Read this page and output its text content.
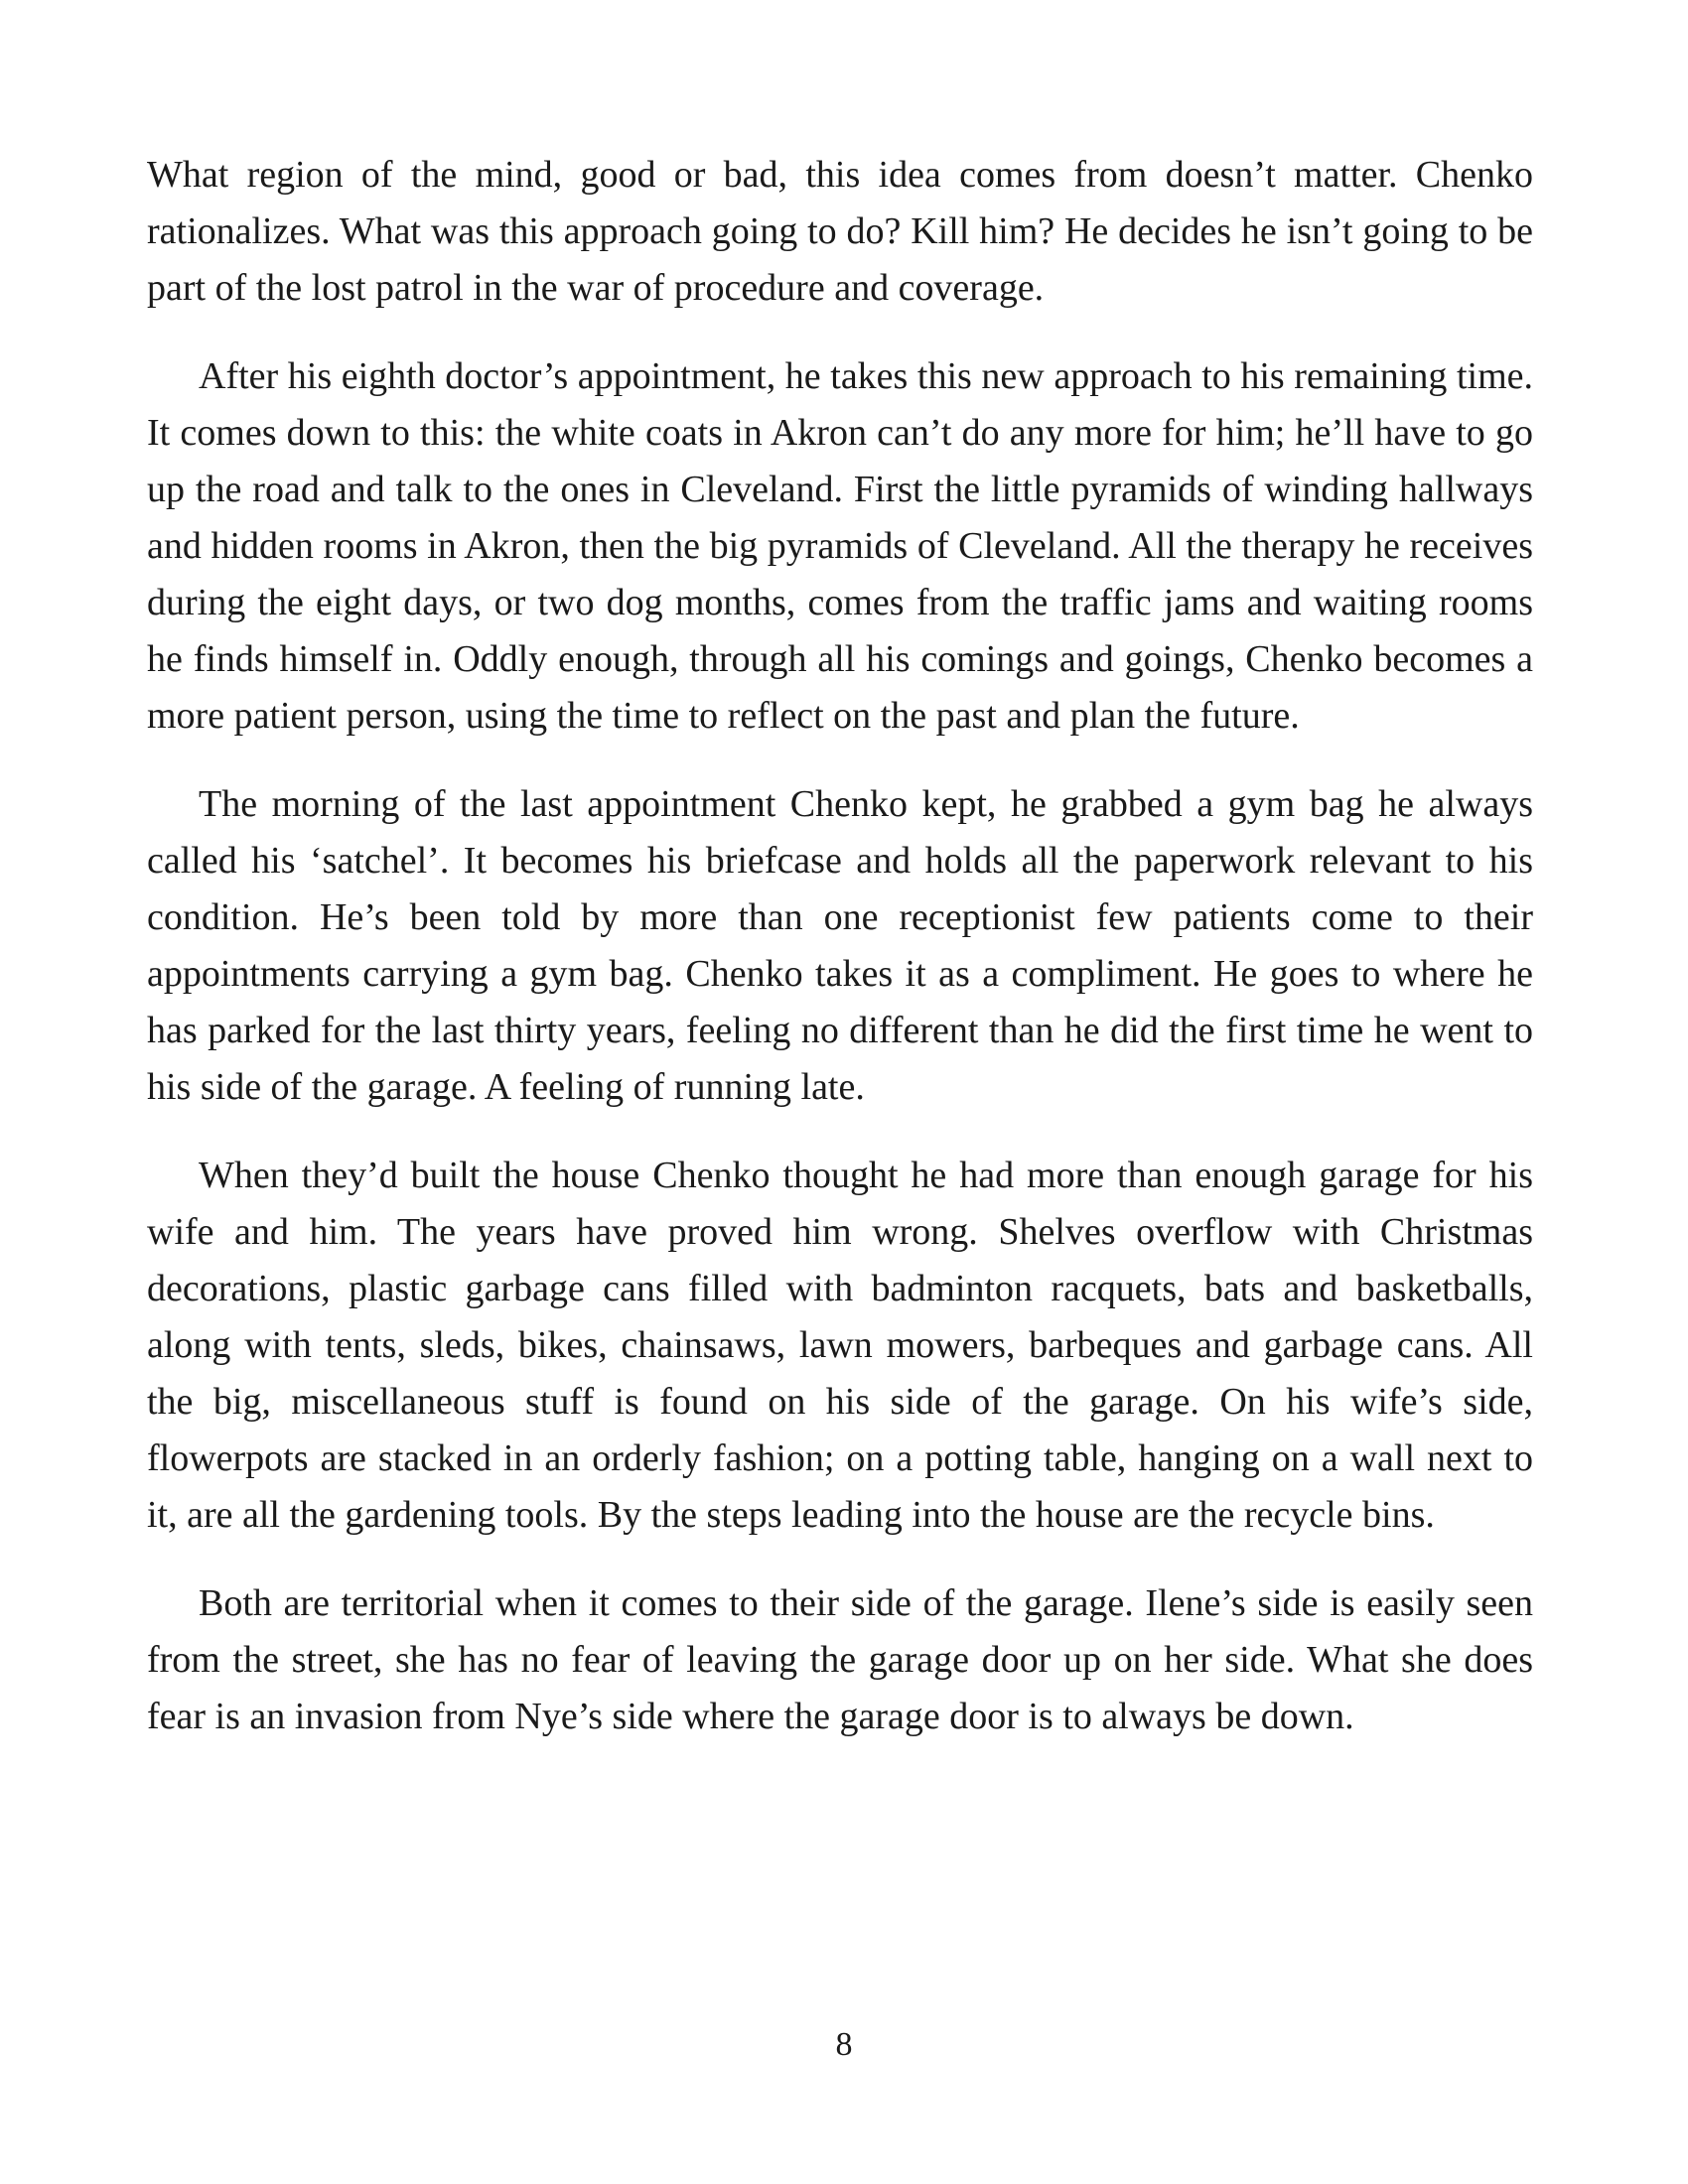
What region of the mind, good or bad, this idea comes from doesn’t matter. Chenko rationalizes. What was this approach going to do? Kill him? He decides he isn’t going to be part of the lost patrol in the war of procedure and coverage.

After his eighth doctor’s appointment, he takes this new approach to his remaining time. It comes down to this: the white coats in Akron can’t do any more for him; he’ll have to go up the road and talk to the ones in Cleveland. First the little pyramids of winding hallways and hidden rooms in Akron, then the big pyramids of Cleveland. All the therapy he receives during the eight days, or two dog months, comes from the traffic jams and waiting rooms he finds himself in. Oddly enough, through all his comings and goings, Chenko becomes a more patient person, using the time to reflect on the past and plan the future.

The morning of the last appointment Chenko kept, he grabbed a gym bag he always called his ‘satchel’. It becomes his briefcase and holds all the paperwork relevant to his condition. He’s been told by more than one receptionist few patients come to their appointments carrying a gym bag. Chenko takes it as a compliment. He goes to where he has parked for the last thirty years, feeling no different than he did the first time he went to his side of the garage. A feeling of running late.

When they’d built the house Chenko thought he had more than enough garage for his wife and him. The years have proved him wrong. Shelves overflow with Christmas decorations, plastic garbage cans filled with badminton racquets, bats and basketballs, along with tents, sleds, bikes, chainsaws, lawn mowers, barbeques and garbage cans. All the big, miscellaneous stuff is found on his side of the garage. On his wife’s side, flowerpots are stacked in an orderly fashion; on a potting table, hanging on a wall next to it, are all the gardening tools. By the steps leading into the house are the recycle bins.

Both are territorial when it comes to their side of the garage. Ilene’s side is easily seen from the street, she has no fear of leaving the garage door up on her side. What she does fear is an invasion from Nye’s side where the garage door is to always be down.

8
